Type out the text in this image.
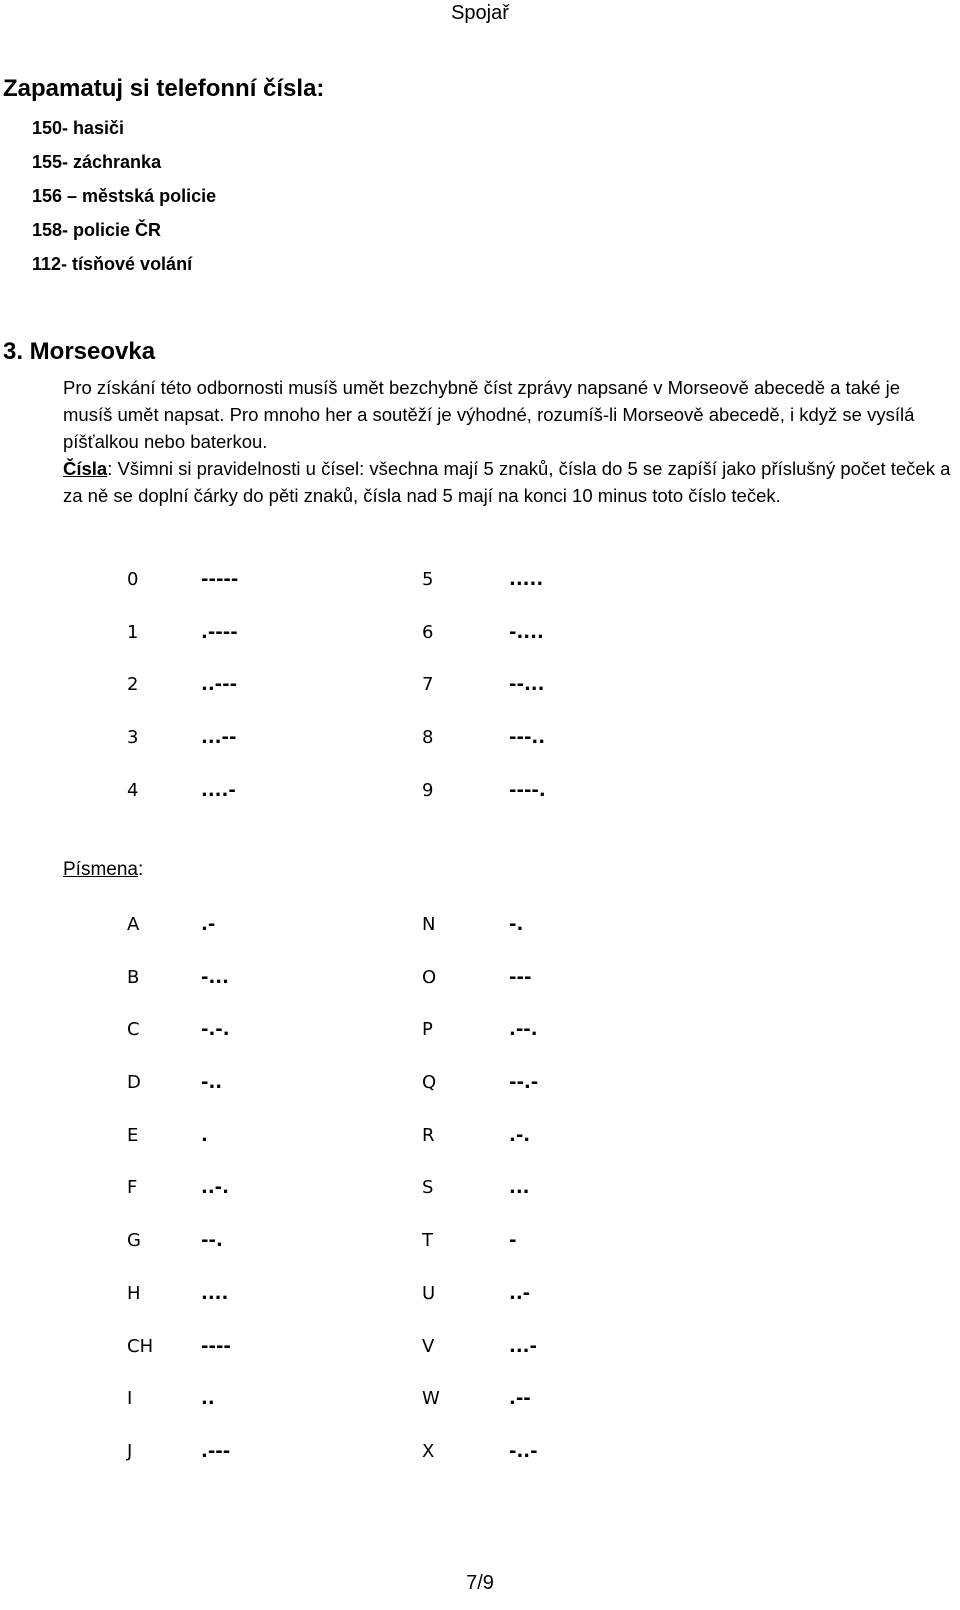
Spojař
Zapamatuj si telefonní čísla:
150- hasiči
155- záchranka
156 – městská policie
158- policie ČR
112- tísňové volání
3. Morseovka
Pro získání této odbornosti musíš umět bezchybně číst zprávy napsané v Morseově abecedě a také je musíš umět napsat. Pro mnoho her a soutěží je výhodné, rozumíš-li Morseově abecedě, i když se vysílá píšťalkou nebo baterkou.
Čísla: Všimni si pravidelnosti u čísel: všechna mají 5 znaků, čísla do 5 se zapíší jako příslušný počet teček a za ně se doplní čárky do pěti znaků, čísla nad 5 mají na konci 10 minus toto číslo teček.
0	-----	5	.....
1	.----	6	-....
2	..---	7	--...
3	...--	8	---..
4	....-	9	----.
Písmena:
A	.-	N	-.
B	-...	O	---
C	-.-.	P	.--.
D	-..	Q	--.-
E	.	R	.-.
F	..-.	S	...
G	--.	T	-
H	....	U	..-
CH	----	V	...-
I	..	W	.--
J	.---	X	-..-
7/9
